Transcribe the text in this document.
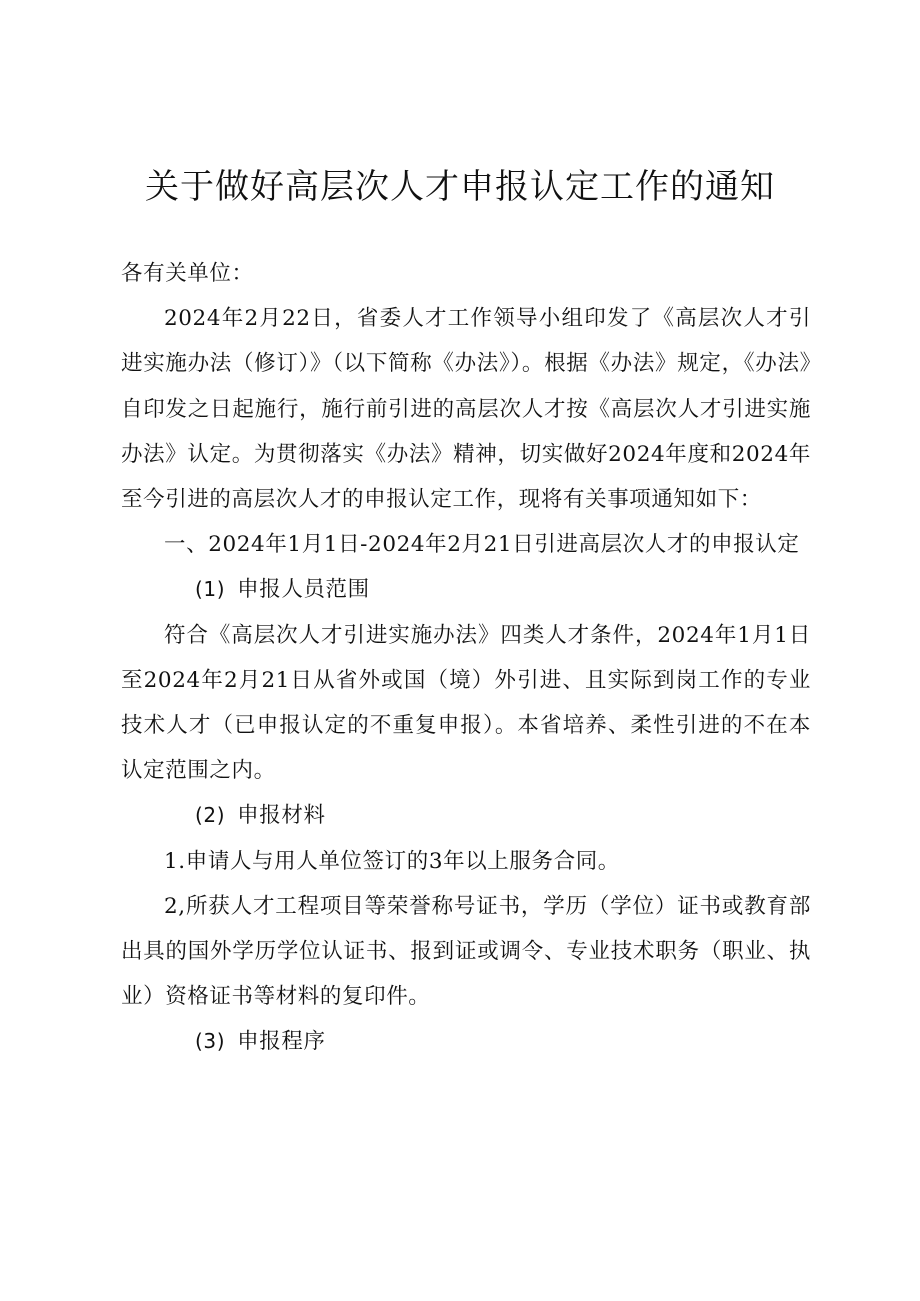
关于做好高层次人才申报认定工作的通知

各有关单位：

2024年2月22日，省委人才工作领导小组印发了《高层次人才引进实施办法（修订）》（以下简称《办法》）。根据《办法》规定，《办法》自印发之日起施行，施行前引进的高层次人才按《高层次人才引进实施办法》认定。为贯彻落实《办法》精神，切实做好2024年度和2024年至今引进的高层次人才的申报认定工作，现将有关事项通知如下：

一、2024年1月1日-2024年2月21日引进高层次人才的申报认定

(1) 申报人员范围

符合《高层次人才引进实施办法》四类人才条件，2024年1月1日至2024年2月21日从省外或国（境）外引进、且实际到岗工作的专业技术人才（已申报认定的不重复申报）。本省培养、柔性引进的不在本认定范围之内。

(2) 申报材料

1.申请人与用人单位签订的3年以上服务合同。

2,所获人才工程项目等荣誉称号证书，学历（学位）证书或教育部出具的国外学历学位认证书、报到证或调令、专业技术职务（职业、执业）资格证书等材料的复印件。

(3) 申报程序
